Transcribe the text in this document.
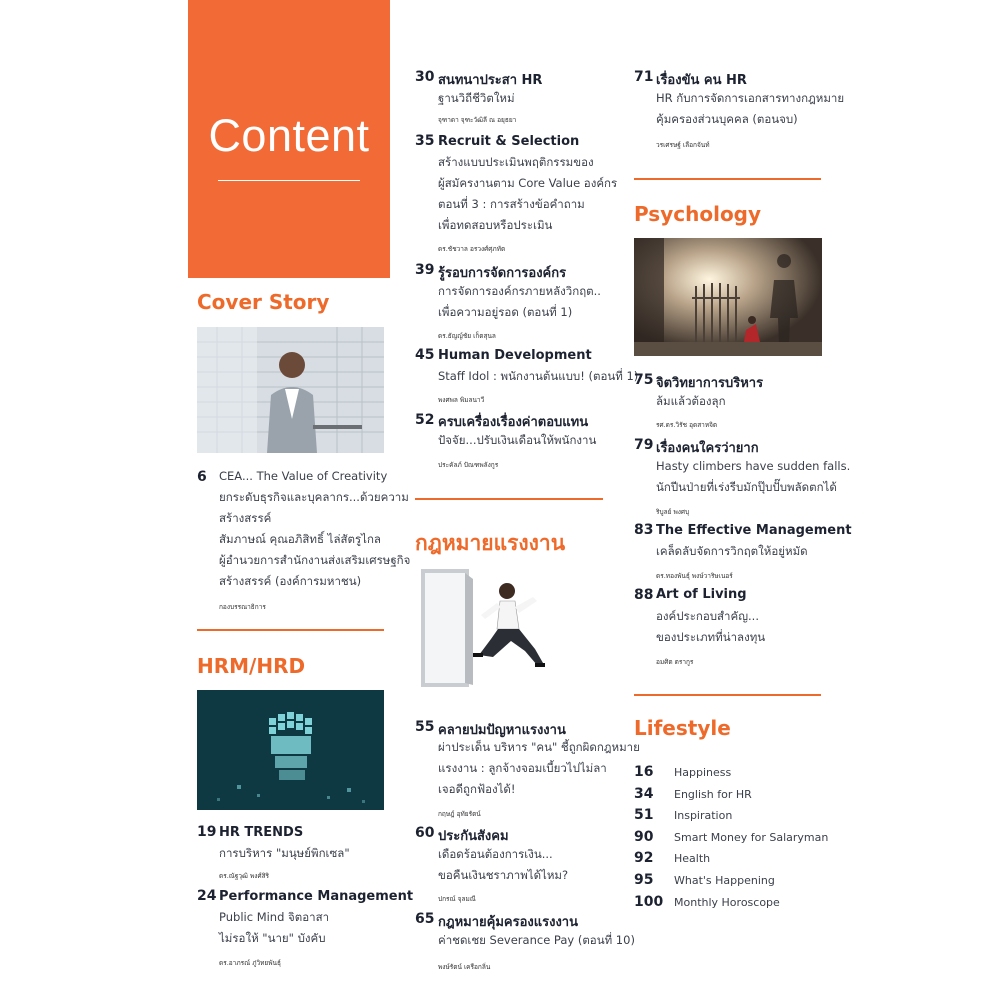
Content
Cover Story
6 CEA... The Value of Creativity
ยกระดับธุรกิจและบุคลากร...ด้วยความ
สร้างสรรค์
สัมภาษณ์ คุณอภิสิทธิ์ ไล่สัตรูไกล
ผู้อำนวยการสำนักงานส่งเสริมเศรษฐกิจ
สร้างสรรค์ (องค์การมหาชน)
กองบรรณาธิการ
HRM/HRD
19 HR TRENDS
การบริหาร "มนุษย์พิกเซล"
ดร.ณัฐวุฒิ พงศ์สิริ
24 Performance Management
Public Mind จิตอาสา
ไม่รอให้ "นาย" บังคับ
ดร.อาภรณ์ ภู่วิทยพันธุ์
30 สนทนาประสา HR
ฐานวิถีชีวิตใหม่
จุฑาดา จุฑะวัฒิลี ณ อยุธยา
35 Recruit & Selection
สร้างแบบประเมินพฤติกรรมของ
ผู้สมัครงานตาม Core Value องค์กร
ตอนที่ 3 : การสร้างข้อคำถาม
เพื่อทดสอบหรือประเมิน
ดร.ชัชวาล อรวงศ์ศุภทัต
39 รู้รอบการจัดการองค์กร
การจัดการองค์กรภายหลังวิกฤต..
เพื่อความอยู่รอด (ตอนที่ 1)
ดร.ธัญญ์ชัย เก็ตสุนล
45 Human Development
Staff Idol : พนักงานต้นแบบ! (ตอนที่ 1)
พงศพล พิมลนาวี
52 ครบเครื่องเรื่องค่าตอบแทน
ปัจจัย...ปรับเงินเดือนให้พนักงาน
ประคัลภ์ ปัณฑพลังกูร
กฎหมายแรงงาน
55 คลายปมปัญหาแรงงาน
ผ่าประเด็น บริหาร "คน" ชี้ถูกผิดกฎหมาย
แรงงาน : ลูกจ้างจอมเบี้ยวไปไม่ลา
เจอดีถูกฟ้องได้!
กฤษฎ์ อุทัยรัตน์
60 ประกันสังคม
เดือดร้อนต้องการเงิน...
ขอคืนเงินชราภาพได้ไหม?
ปกรณ์ จุลมณี
65 กฎหมายคุ้มครองแรงงาน
ค่าชดเชย Severance Pay (ตอนที่ 10)
พงษ์รัตน์ เครือกลิ่น
71 เรื่องขัน คน HR
HR กับการจัดการเอกสารทางกฎหมาย
คุ้มครองส่วนบุคคล (ตอนจบ)
วรเศรษฐ์ เลือกจันท์
Psychology
75 จิตวิทยาการบริหาร
ล้มแล้วต้องลุก
รศ.ดร.วิรัช อุดสาหจิต
79 เรื่องคนใครว่ายาก
Hasty climbers have sudden falls.
นักปีนป่ายที่เร่งรีบมักปุ๊บปั๊บพลัดตกได้
ริบูลย์ พงศบุ
83 The Effective Management
เคล็ดลับจัดการวิกฤตให้อยู่หมัด
ดร.ทองพันธุ์ พงษ์วาริษเนอร์
88 Art of Living
องค์ประกอบสำคัญ...
ของประเภทที่น่าลงทุน
อมศิต ตรากูร
Lifestyle
16	Happiness
34	English for HR
51	Inspiration
90	Smart Money for Salaryman
92	Health
95	What's Happening
100 Monthly Horoscope
